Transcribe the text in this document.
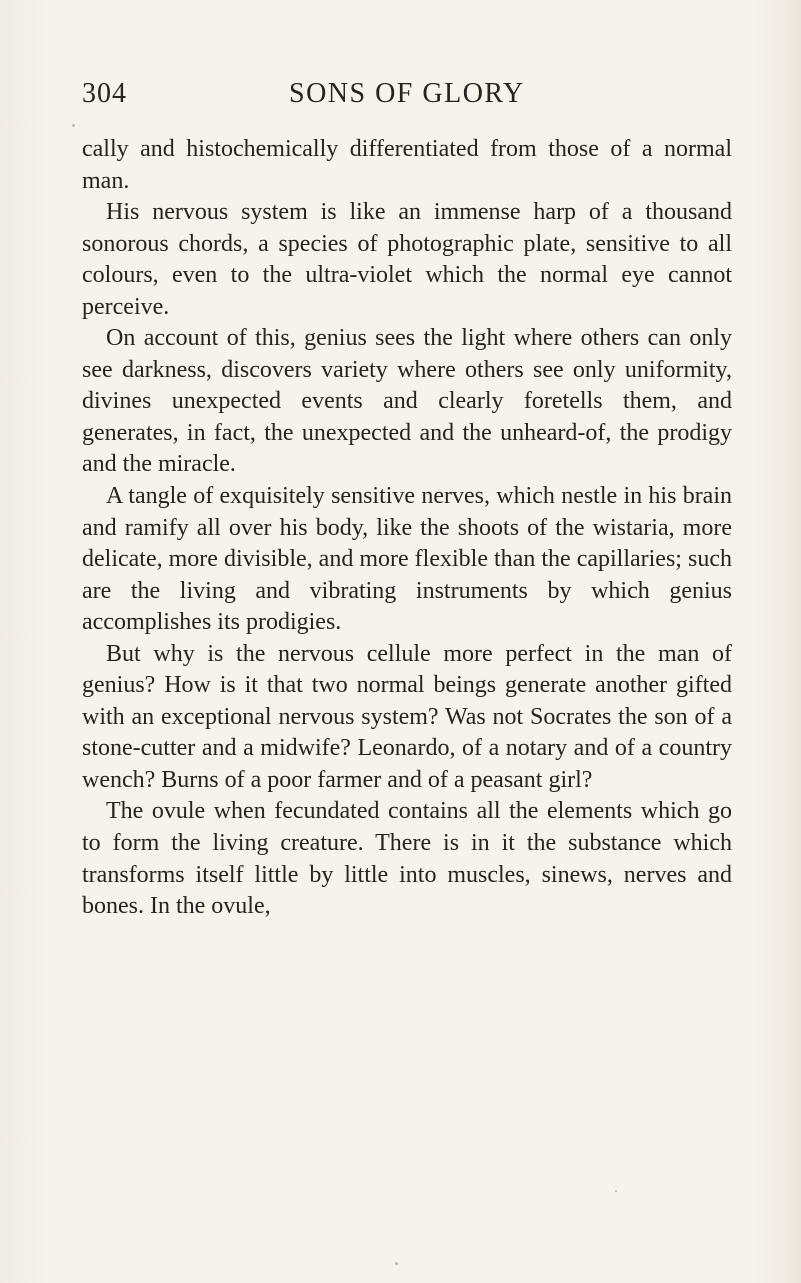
304	SONS OF GLORY

cally and histochemically differentiated from those of a normal man.

His nervous system is like an immense harp of a thousand sonorous chords, a species of photographic plate, sensitive to all colours, even to the ultra-violet which the normal eye cannot perceive.

On account of this, genius sees the light where others can only see darkness, discovers variety where others see only uniformity, divines unexpected events and clearly foretells them, and generates, in fact, the unexpected and the unheard-of, the prodigy and the miracle.

A tangle of exquisitely sensitive nerves, which nestle in his brain and ramify all over his body, like the shoots of the wistaria, more delicate, more divisible, and more flexible than the capillaries; such are the living and vibrating instruments by which genius accomplishes its prodigies.

But why is the nervous cellule more perfect in the man of genius? How is it that two normal beings generate another gifted with an exceptional nervous system? Was not Socrates the son of a stone-cutter and a midwife? Leonardo, of a notary and of a country wench? Burns of a poor farmer and of a peasant girl?

The ovule when fecundated contains all the elements which go to form the living creature. There is in it the substance which transforms itself little by little into muscles, sinews, nerves and bones. In the ovule,
